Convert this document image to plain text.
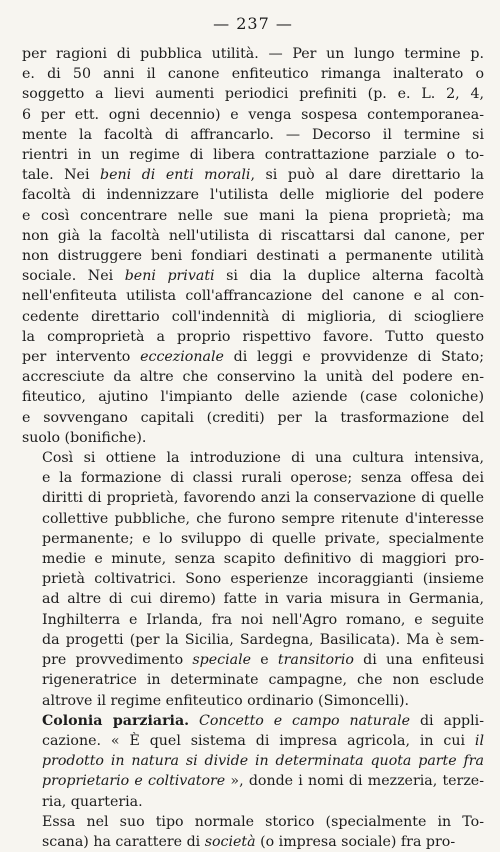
— 237 —

per ragioni di pubblica utilità. — Per un lungo termine p.
e. di 50 anni il canone enfiteutico rimanga inalterato o
soggetto a lievi aumenti periodici prefiniti (p. e. L. 2, 4,
6 per ett. ogni decennio) e venga sospesa contemporanea-
mente la facoltà di affrancarlo. — Decorso il termine si
rientri in un regime di libera contrattazione parziale o to-
tale. Nei beni di enti morali, si può al dare direttario la
facoltà di indennizzare l'utilista delle migliorie del podere
e così concentrare nelle sue mani la piena proprietà; ma
non già la facoltà nell'utilista di riscattarsi dal canone, per
non distruggere beni fondiari destinati a permanente utilità
sociale. Nei beni privati si dia la duplice alterna facoltà
nell'enfiteuta utilista coll'affrancazione del canone e al con-
cedente direttario coll'indennità di miglioria, di sciogliere
la comproprietà a proprio rispettivo favore. Tutto questo
per intervento eccezionale di leggi e provvidenze di Stato;
accresciute da altre che conservino la unità del podere en-
fiteutico, ajutino l'impianto delle aziende (case coloniche)
e sovvengano capitali (crediti) per la trasformazione del
suolo (bonifiche).

Così si ottiene la introduzione di una cultura intensiva,
e la formazione di classi rurali operose; senza offesa dei
diritti di proprietà, favorendo anzi la conservazione di quelle
collettive pubbliche, che furono sempre ritenute d'interesse
permanente; e lo sviluppo di quelle private, specialmente
medie e minute, senza scapito definitivo di maggiori pro-
prietà coltivatrici. Sono esperienze incoraggianti (insieme
ad altre di cui diremo) fatte in varia misura in Germania,
Inghilterra e Irlanda, fra noi nell'Agro romano, e seguite
da progetti (per la Sicilia, Sardegna, Basilicata). Ma è sem-
pre provvedimento speciale e transitorio di una enfiteusi
rigeneratrice in determinate campagne, che non esclude
altrove il regime enfiteutico ordinario (Simoncelli).

Colonia parziaria. Concetto e campo naturale di appli-
cazione. « È quel sistema di impresa agricola, in cui il
prodotto in natura si divide in determinata quota parte fra
proprietario e coltivatore », donde i nomi di mezzeria, terze-
ria, quarteria.

Essa nel suo tipo normale storico (specialmente in To-
scana) ha carattere di società (o impresa sociale) fra pro-
